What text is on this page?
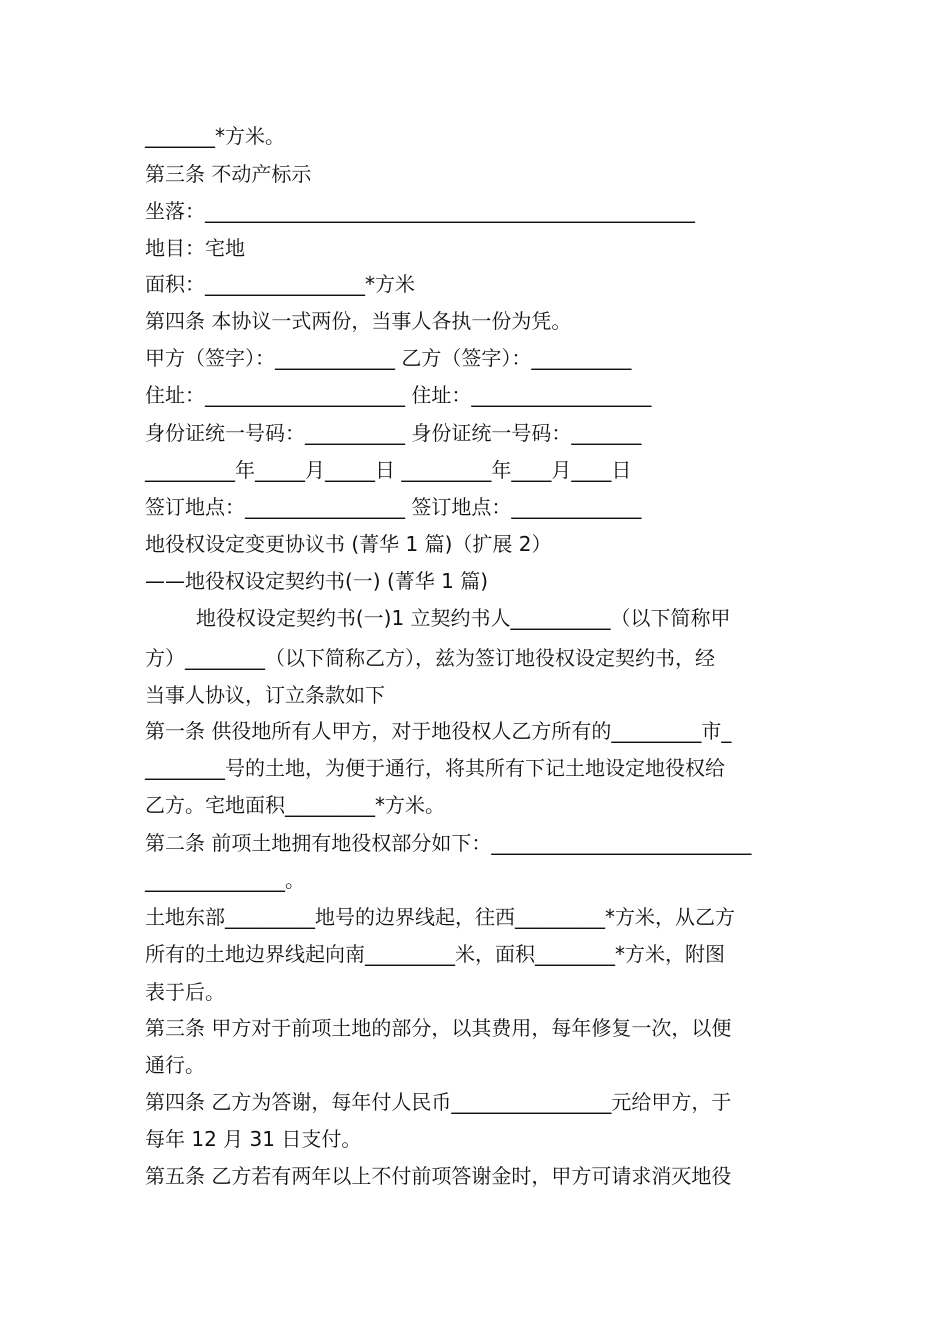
_______*方米。
第三条 不动产标示
坐落：_________________________________________________
地目：宅地
面积：________________*方米
第四条 本协议一式两份，当事人各执一份为凭。
甲方（签字）：____________ 乙方（签字）：__________
住址：____________________ 住址：__________________
身份证统一号码：__________ 身份证统一号码：_______
_________年_____月_____日 _________年____月____日
签订地点：________________ 签订地点：_____________
地役权设定变更协议书 (菁华 1 篇)（扩展 2）
——地役权设定契约书(一) (菁华 1 篇)
地役权设定契约书(一)1 立契约书人__________（以下简称甲
方）________（以下简称乙方），兹为签订地役权设定契约书，经
当事人协议，订立条款如下
第一条 供役地所有人甲方，对于地役权人乙方所有的_________市_
________号的土地，为便于通行，将其所有下记土地设定地役权给
乙方。宅地面积_________*方米。
第二条 前项土地拥有地役权部分如下：__________________________
______________。
土地东部_________地号的边界线起，往西_________*方米，从乙方
所有的土地边界线起向南_________米，面积________*方米，附图
表于后。
第三条 甲方对于前项土地的部分，以其费用，每年修复一次，以便
通行。
第四条 乙方为答谢，每年付人民币________________元给甲方，于
每年 12 月 31 日支付。
第五条 乙方若有两年以上不付前项答谢金时，甲方可请求消灭地役
